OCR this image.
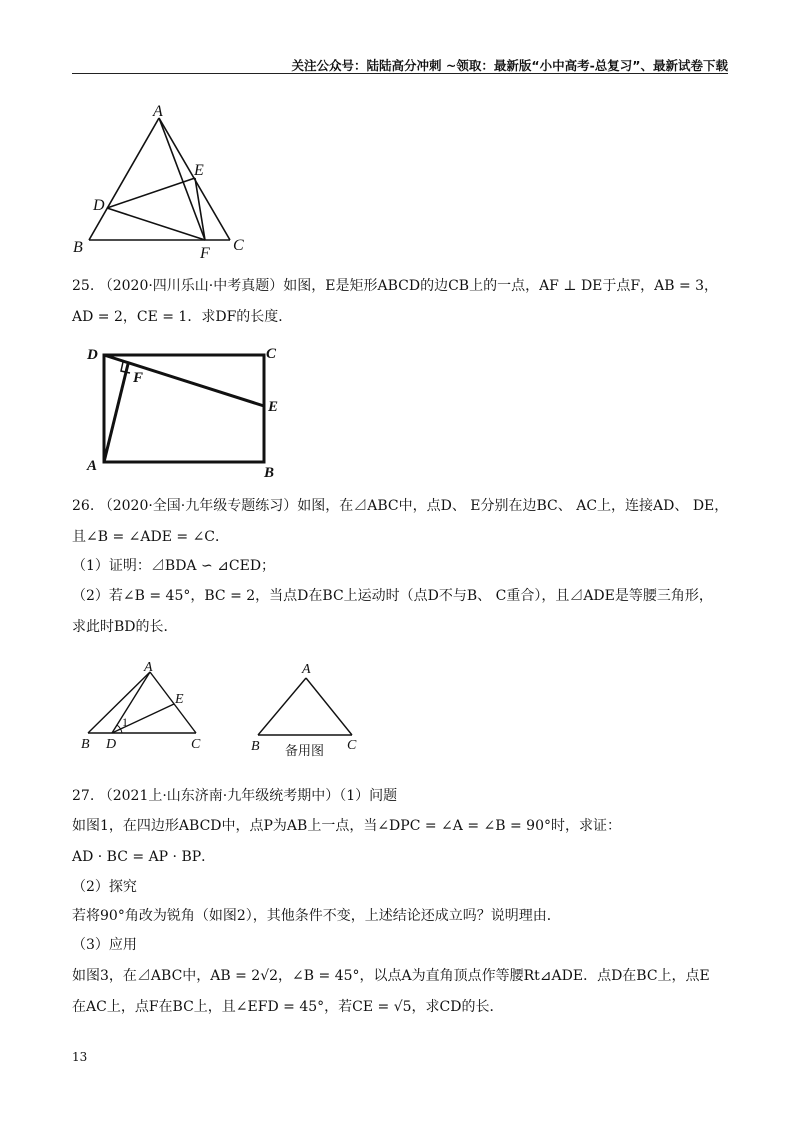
关注公众号：陆陆高分冲刺 ~领取：最新版“小中高考-总复习”、最新试卷下载
A
E
D
B	F C
25. （2020·四川乐山·中考真题）如图，E是矩形ABCD的边CB上的一点，AF ⊥ DE于点F，AB = 3，
AD = 2，CE = 1．求DF的长度．
D	C
F
E
A	B
26. （2020·全国·九年级专题练习）如图，在⊿ABC中，点D、 E分别在边BC、 AC上，连接AD、 DE，
且∠B = ∠ADE = ∠C．
（1）证明：⊿BDA ∽ ⊿CED；
（2）若∠B = 45°，BC = 2，当点D在BC上运动时（点D不与B、 C重合），且⊿ADE是等腰三角形，
求此时BD的长．
A
E
B D	C
1
A
B	C
备用图
27. （2021上·山东济南·九年级统考期中）（1）问题
如图1，在四边形ABCD中，点P为AB上一点，当∠DPC = ∠A = ∠B = 90°时，求证：
AD · BC = AP · BP．
（2）探究
若将90°角改为锐角（如图2），其他条件不变，上述结论还成立吗？说明理由．
（3）应用
如图3，在⊿ABC中，AB = 2√2，∠B = 45°，以点A为直角顶点作等腰Rt⊿ADE．点D在BC上，点E
在AC上，点F在BC上，且∠EFD = 45°，若CE = √5，求CD的长．
13
